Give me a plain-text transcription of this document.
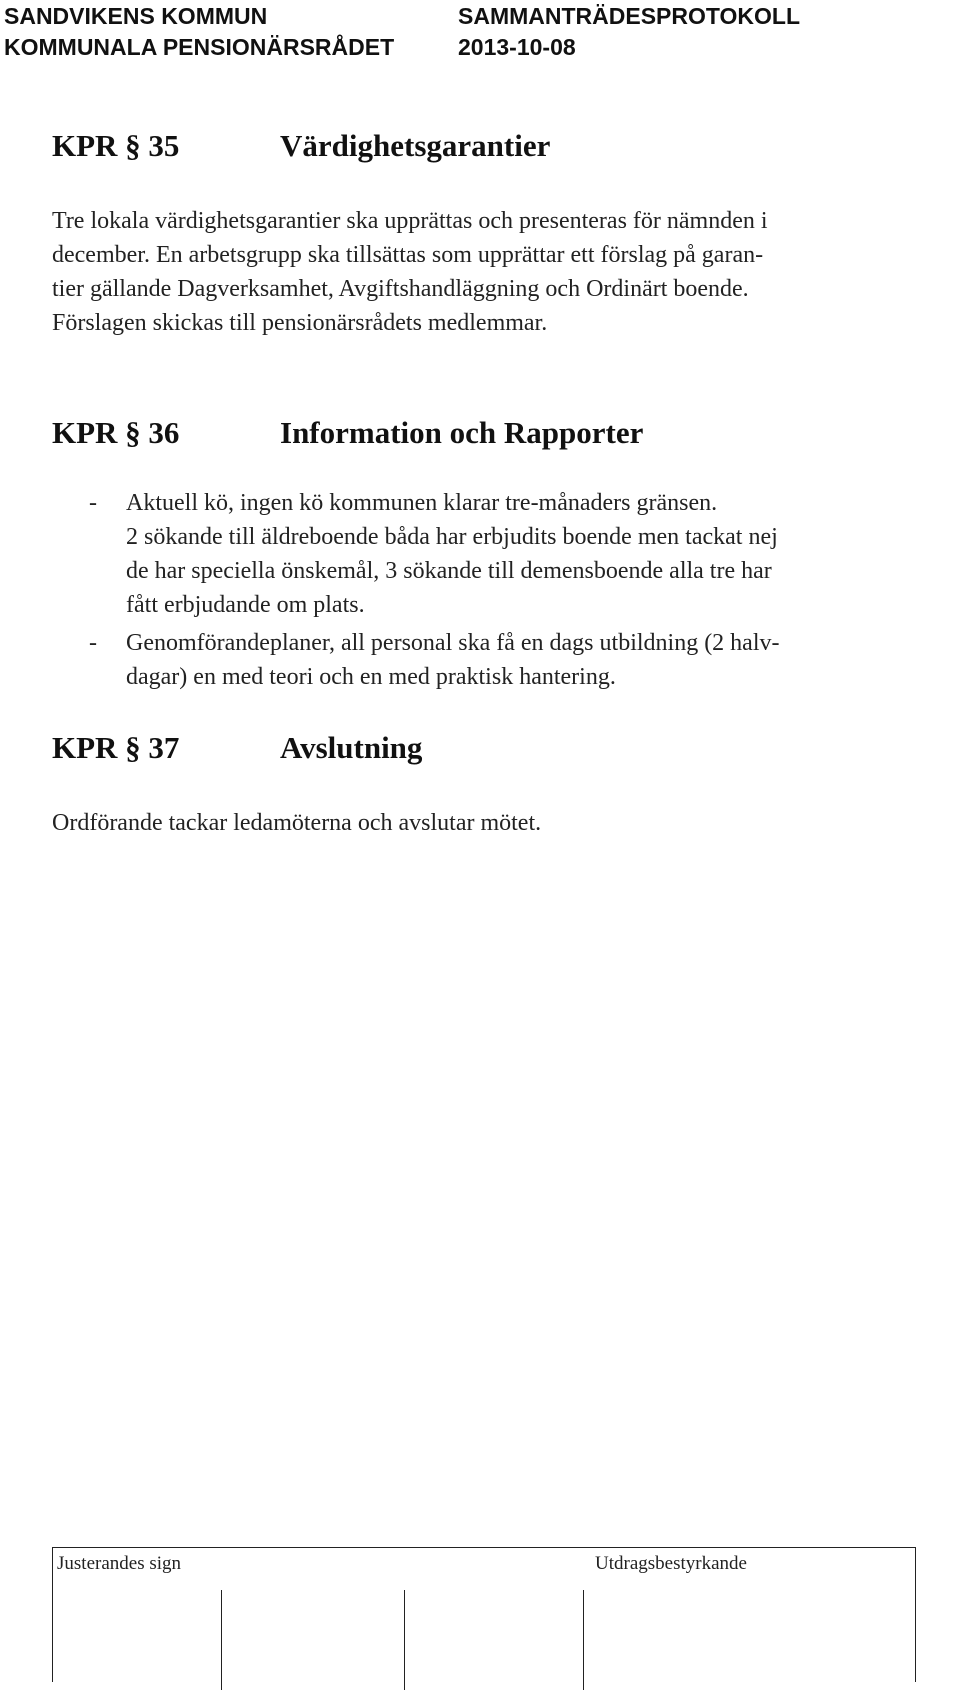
SANDVIKENS KOMMUN	SAMMANTRÄDESPROTOKOLL
KOMMUNALA PENSIONÄRSRÅDET	2013-10-08
KPR § 35	Värdighetsgarantier
Tre lokala värdighetsgarantier ska upprättas och presenteras för nämnden i
december. En arbetsgrupp ska tillsättas som upprättar ett förslag på garan-
tier gällande Dagverksamhet, Avgiftshandläggning och Ordinärt boende.
Förslagen skickas till pensionärsrådets medlemmar.
KPR § 36	Information och Rapporter
- Aktuell kö, ingen kö kommunen klarar tre-månaders gränsen.
2 sökande till äldreboende båda har erbjudits boende men tackat nej
de har speciella önskemål, 3 sökande till demensboende alla tre har
fått erbjudande om plats.
- Genomförandeplaner, all personal ska få en dags utbildning (2 halv-
dagar) en med teori och en med praktisk hantering.
KPR § 37	Avslutning
Ordförande tackar ledamöterna och avslutar mötet.
Justerandes sign	Utdragsbestyrkande
